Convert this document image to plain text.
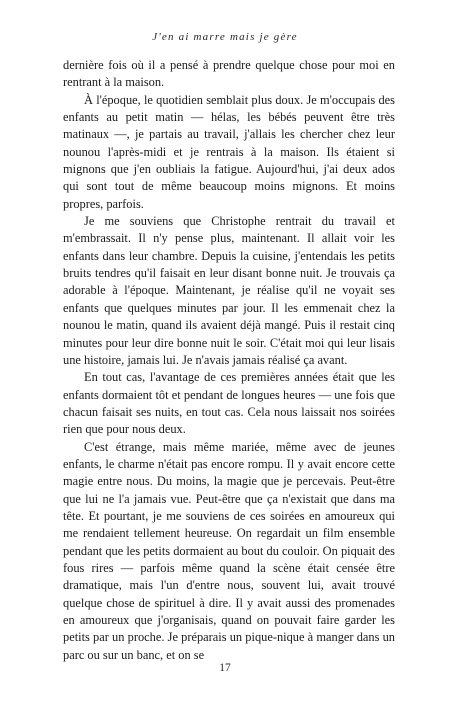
J'en ai marre mais je gère

dernière fois où il a pensé à prendre quelque chose pour moi en rentrant à la maison.

À l'époque, le quotidien semblait plus doux. Je m'occupais des enfants au petit matin — hélas, les bébés peuvent être très matinaux —, je partais au travail, j'allais les chercher chez leur nounou l'après-midi et je rentrais à la maison. Ils étaient si mignons que j'en oubliais la fatigue. Aujourd'hui, j'ai deux ados qui sont tout de même beaucoup moins mignons. Et moins propres, parfois.

Je me souviens que Christophe rentrait du travail et m'embrassait. Il n'y pense plus, maintenant. Il allait voir les enfants dans leur chambre. Depuis la cuisine, j'entendais les petits bruits tendres qu'il faisait en leur disant bonne nuit. Je trouvais ça adorable à l'époque. Maintenant, je réalise qu'il ne voyait ses enfants que quelques minutes par jour. Il les emmenait chez la nounou le matin, quand ils avaient déjà mangé. Puis il restait cinq minutes pour leur dire bonne nuit le soir. C'était moi qui leur lisais une histoire, jamais lui. Je n'avais jamais réalisé ça avant.

En tout cas, l'avantage de ces premières années était que les enfants dormaient tôt et pendant de longues heures — une fois que chacun faisait ses nuits, en tout cas. Cela nous laissait nos soirées rien que pour nous deux.

C'est étrange, mais même mariée, même avec de jeunes enfants, le charme n'était pas encore rompu. Il y avait encore cette magie entre nous. Du moins, la magie que je percevais. Peut-être que lui ne l'a jamais vue. Peut-être que ça n'existait que dans ma tête. Et pourtant, je me souviens de ces soirées en amoureux qui me rendaient tellement heureuse. On regardait un film ensemble pendant que les petits dormaient au bout du couloir. On piquait des fous rires — parfois même quand la scène était censée être dramatique, mais l'un d'entre nous, souvent lui, avait trouvé quelque chose de spirituel à dire. Il y avait aussi des promenades en amoureux que j'organisais, quand on pouvait faire garder les petits par un proche. Je préparais un pique-nique à manger dans un parc ou sur un banc, et on se

17
